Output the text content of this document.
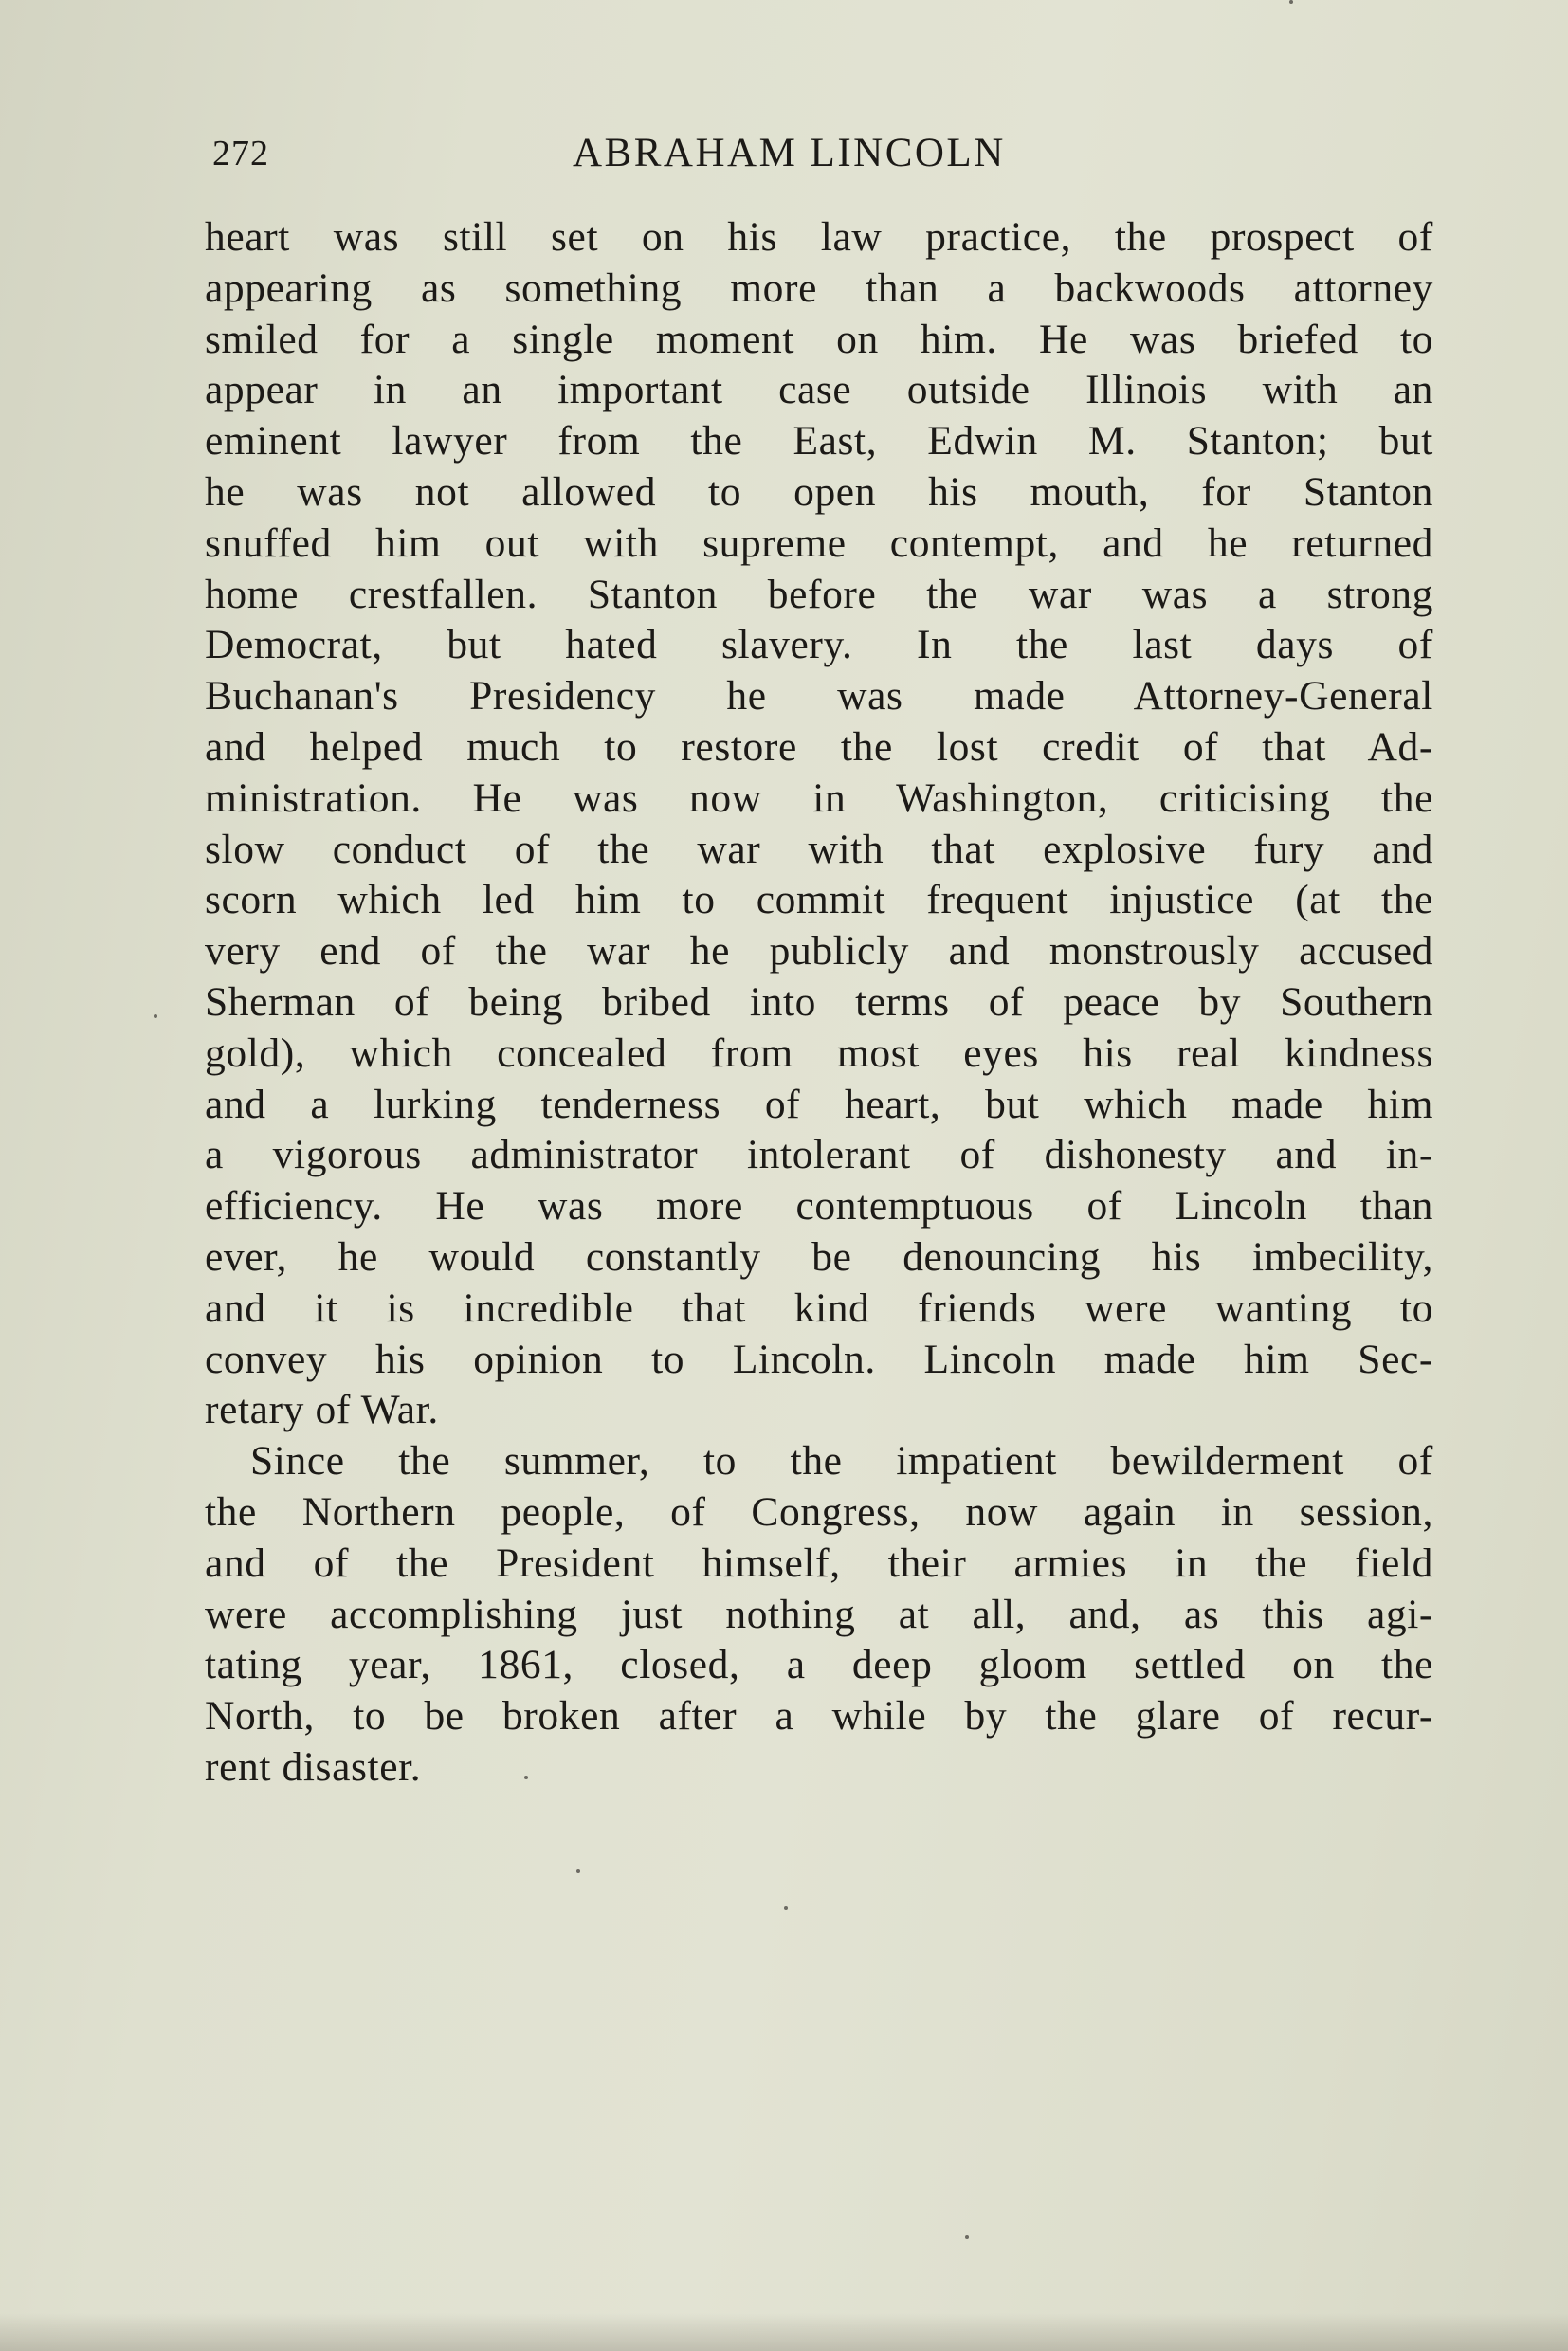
272	ABRAHAM LINCOLN
heart was still set on his law practice, the prospect of
appearing as something more than a backwoods attorney
smiled for a single moment on him. He was briefed to
appear in an important case outside Illinois with an
eminent lawyer from the East, Edwin M. Stanton; but
he was not allowed to open his mouth, for Stanton
snuffed him out with supreme contempt, and he returned
home crestfallen. Stanton before the war was a strong
Democrat, but hated slavery. In the last days of
Buchanan's Presidency he was made Attorney-General
and helped much to restore the lost credit of that Ad-
ministration. He was now in Washington, criticising the
slow conduct of the war with that explosive fury and
scorn which led him to commit frequent injustice (at the
very end of the war he publicly and monstrously accused
Sherman of being bribed into terms of peace by Southern
gold), which concealed from most eyes his real kindness
and a lurking tenderness of heart, but which made him
a vigorous administrator intolerant of dishonesty and in-
efficiency. He was more contemptuous of Lincoln than
ever, he would constantly be denouncing his imbecility,
and it is incredible that kind friends were wanting to
convey his opinion to Lincoln. Lincoln made him Sec-
retary of War.
Since the summer, to the impatient bewilderment of
the Northern people, of Congress, now again in session,
and of the President himself, their armies in the field
were accomplishing just nothing at all, and, as this agi-
tating year, 1861, closed, a deep gloom settled on the
North, to be broken after a while by the glare of recur-
rent disaster.
